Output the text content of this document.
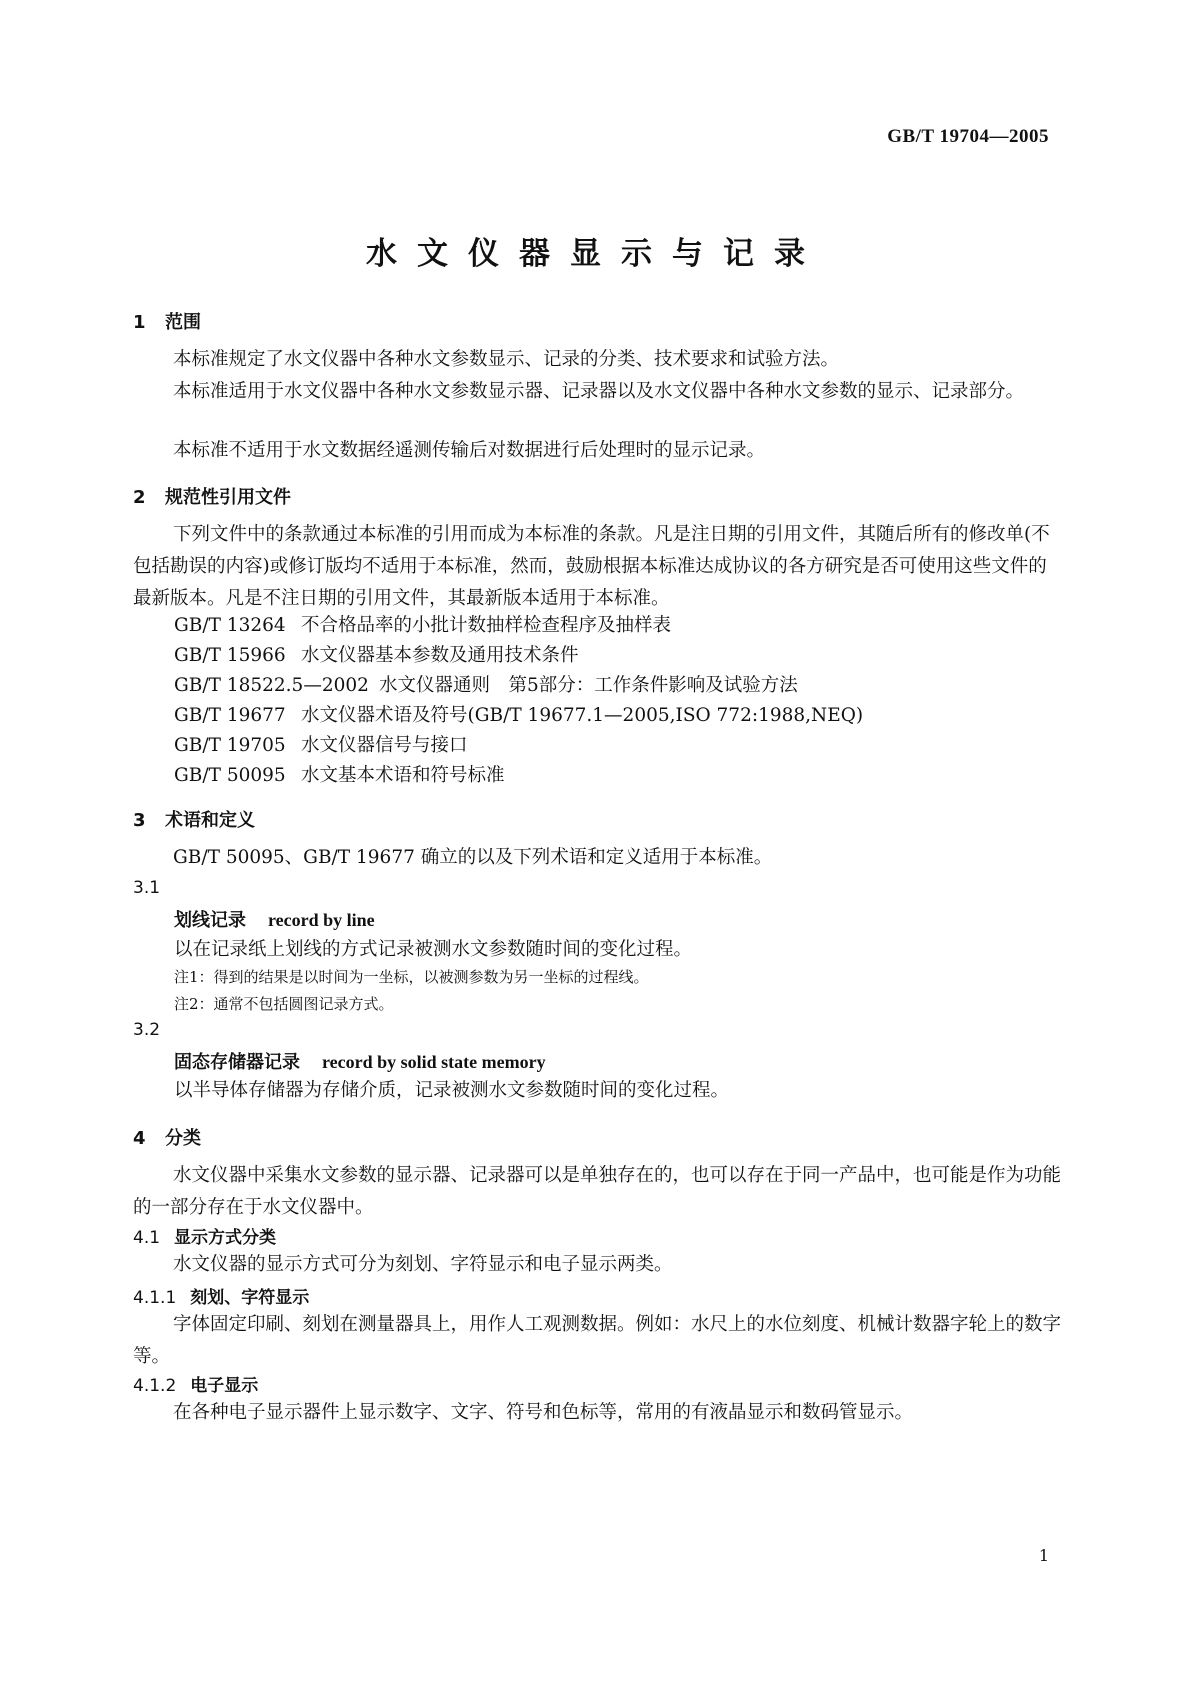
GB/T 19704—2005
水文仪器显示与记录
1 范围
本标准规定了水文仪器中各种水文参数显示、记录的分类、技术要求和试验方法。
本标准适用于水文仪器中各种水文参数显示器、记录器以及水文仪器中各种水文参数的显示、记录部分。
本标准不适用于水文数据经遥测传输后对数据进行后处理时的显示记录。
2 规范性引用文件
下列文件中的条款通过本标准的引用而成为本标准的条款。凡是注日期的引用文件，其随后所有的修改单(不包括勘误的内容)或修订版均不适用于本标准，然而，鼓励根据本标准达成协议的各方研究是否可使用这些文件的最新版本。凡是不注日期的引用文件，其最新版本适用于本标准。
GB/T 13264 不合格品率的小批计数抽样检查程序及抽样表
GB/T 15966 水文仪器基本参数及通用技术条件
GB/T 18522.5—2002 水文仪器通则　第5部分：工作条件影响及试验方法
GB/T 19677 水文仪器术语及符号(GB/T 19677.1—2005,ISO 772:1988,NEQ)
GB/T 19705 水文仪器信号与接口
GB/T 50095 水文基本术语和符号标准
3 术语和定义
GB/T 50095、GB/T 19677 确立的以及下列术语和定义适用于本标准。
3.1
划线记录 record by line
以在记录纸上划线的方式记录被测水文参数随时间的变化过程。
注1：得到的结果是以时间为一坐标，以被测参数为另一坐标的过程线。
注2：通常不包括圆图记录方式。
3.2
固态存储器记录 record by solid state memory
以半导体存储器为存储介质，记录被测水文参数随时间的变化过程。
4 分类
水文仪器中采集水文参数的显示器、记录器可以是单独存在的，也可以存在于同一产品中，也可能是作为功能的一部分存在于水文仪器中。
4.1 显示方式分类
水文仪器的显示方式可分为刻划、字符显示和电子显示两类。
4.1.1 刻划、字符显示
字体固定印刷、刻划在测量器具上，用作人工观测数据。例如：水尺上的水位刻度、机械计数器字轮上的数字等。
4.1.2 电子显示
在各种电子显示器件上显示数字、文字、符号和色标等，常用的有液晶显示和数码管显示。
1
